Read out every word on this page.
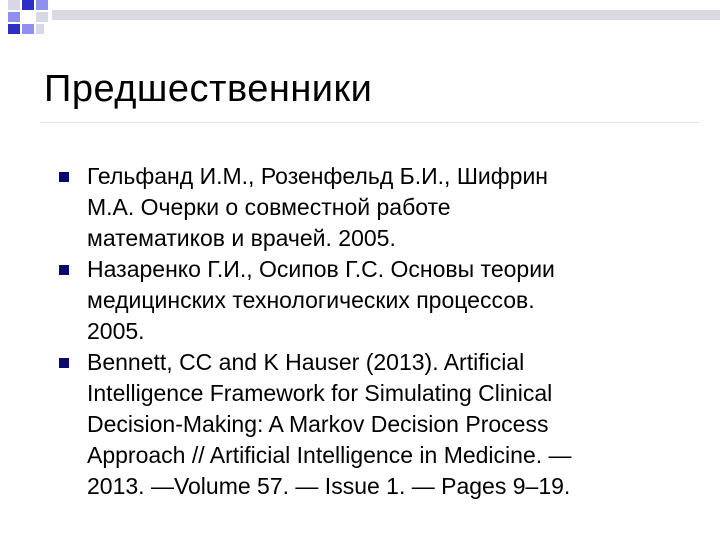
Предшественники
Гельфанд И.М., Розенфельд Б.И., Шифрин
М.А. Очерки о совместной работе
математиков и врачей. 2005.
Назаренко Г.И., Осипов Г.С. Основы теории
медицинских технологических процессов.
2005.
Bennett, CC and K Hauser (2013). Artificial
Intelligence Framework for Simulating Clinical
Decision-Making: A Markov Decision Process
Approach // Artificial Intelligence in Medicine. —
2013. —Volume 57. — Issue 1. — Pages 9–19.
